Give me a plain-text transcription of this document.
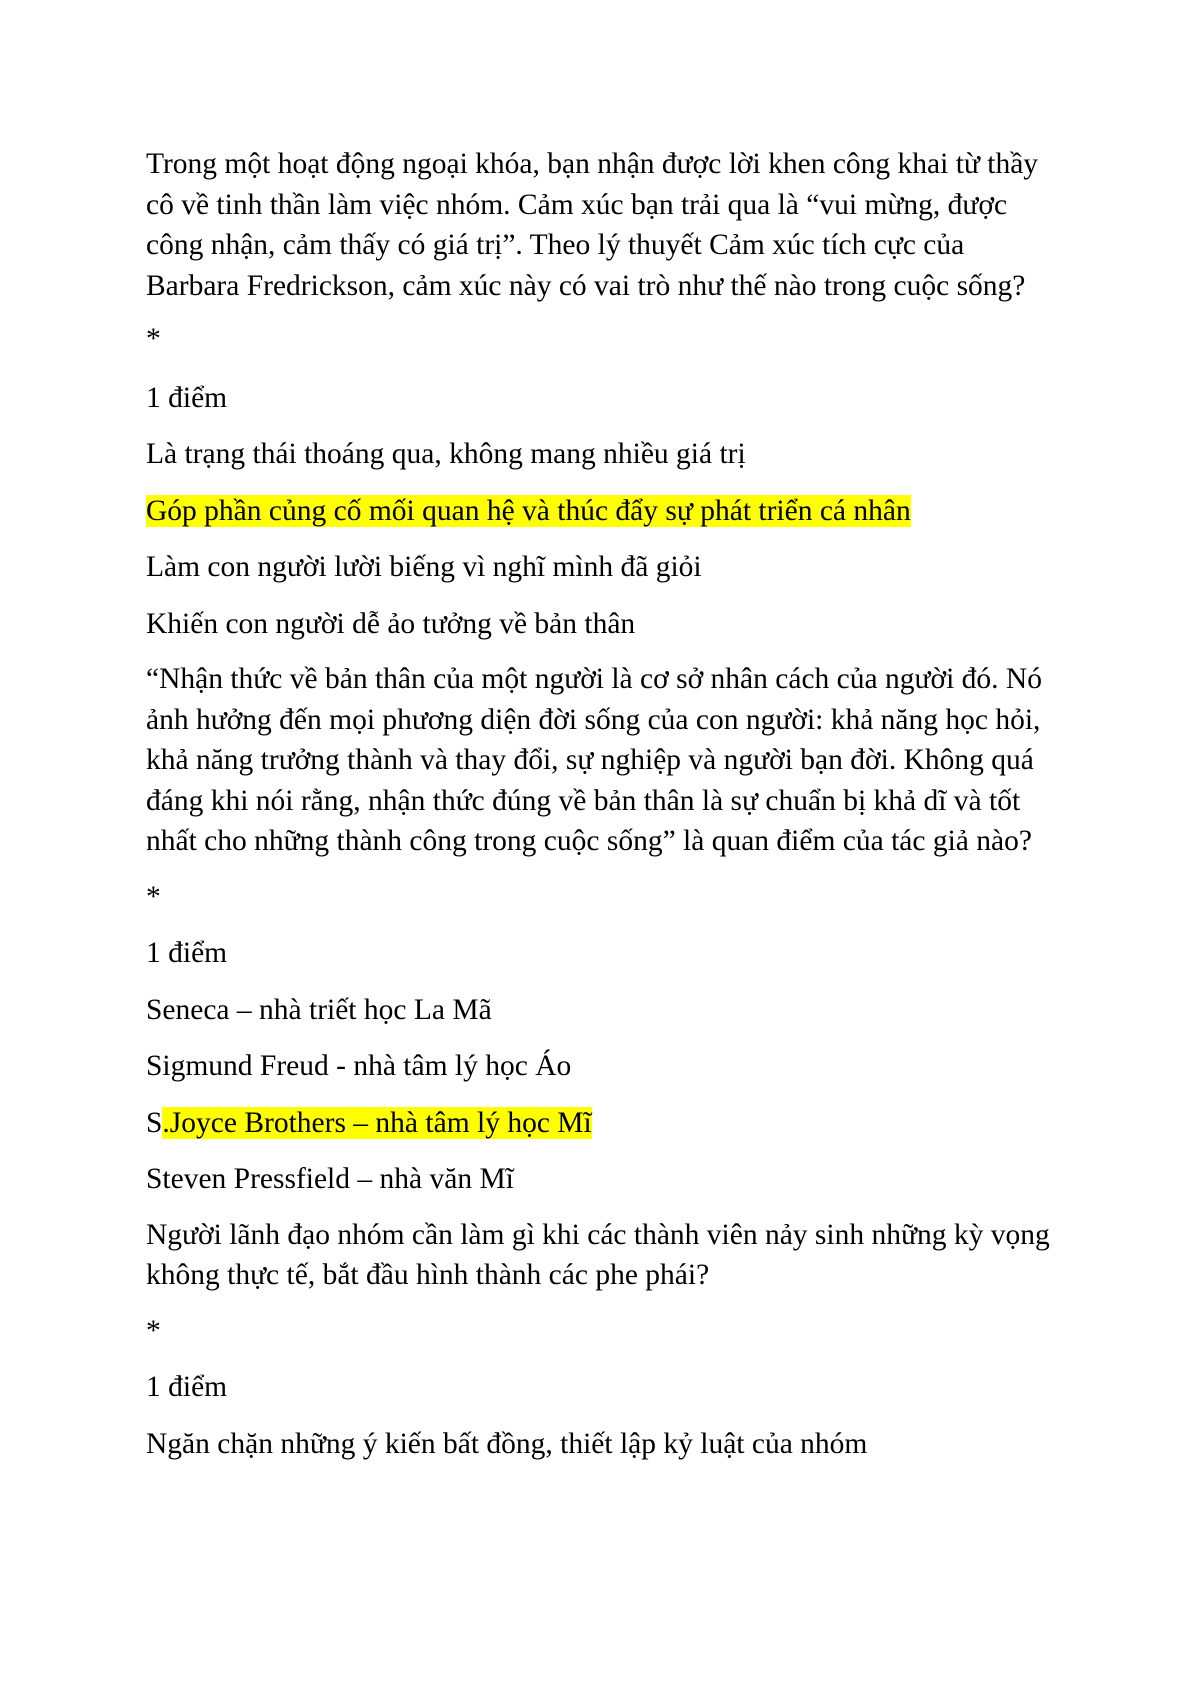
Trong một hoạt động ngoại khóa, bạn nhận được lời khen công khai từ thầy cô về tinh thần làm việc nhóm. Cảm xúc bạn trải qua là “vui mừng, được công nhận, cảm thấy có giá trị”. Theo lý thuyết Cảm xúc tích cực của Barbara Fredrickson, cảm xúc này có vai trò như thế nào trong cuộc sống?

*

1 điểm

Là trạng thái thoáng qua, không mang nhiều giá trị

Góp phần củng cố mối quan hệ và thúc đẩy sự phát triển cá nhân

Làm con người lười biếng vì nghĩ mình đã giỏi

Khiến con người dễ ảo tưởng về bản thân

“Nhận thức về bản thân của một người là cơ sở nhân cách của người đó. Nó ảnh hưởng đến mọi phương diện đời sống của con người: khả năng học hỏi, khả năng trưởng thành và thay đổi, sự nghiệp và người bạn đời. Không quá đáng khi nói rằng, nhận thức đúng về bản thân là sự chuẩn bị khả dĩ và tốt nhất cho những thành công trong cuộc sống” là quan điểm của tác giả nào?

*

1 điểm

Seneca – nhà triết học La Mã

Sigmund Freud - nhà tâm lý học Áo

S.Joyce Brothers – nhà tâm lý học Mĩ

Steven Pressfield – nhà văn Mĩ

Người lãnh đạo nhóm cần làm gì khi các thành viên nảy sinh những kỳ vọng không thực tế, bắt đầu hình thành các phe phái?

*

1 điểm

Ngăn chặn những ý kiến bất đồng, thiết lập kỷ luật của nhóm
